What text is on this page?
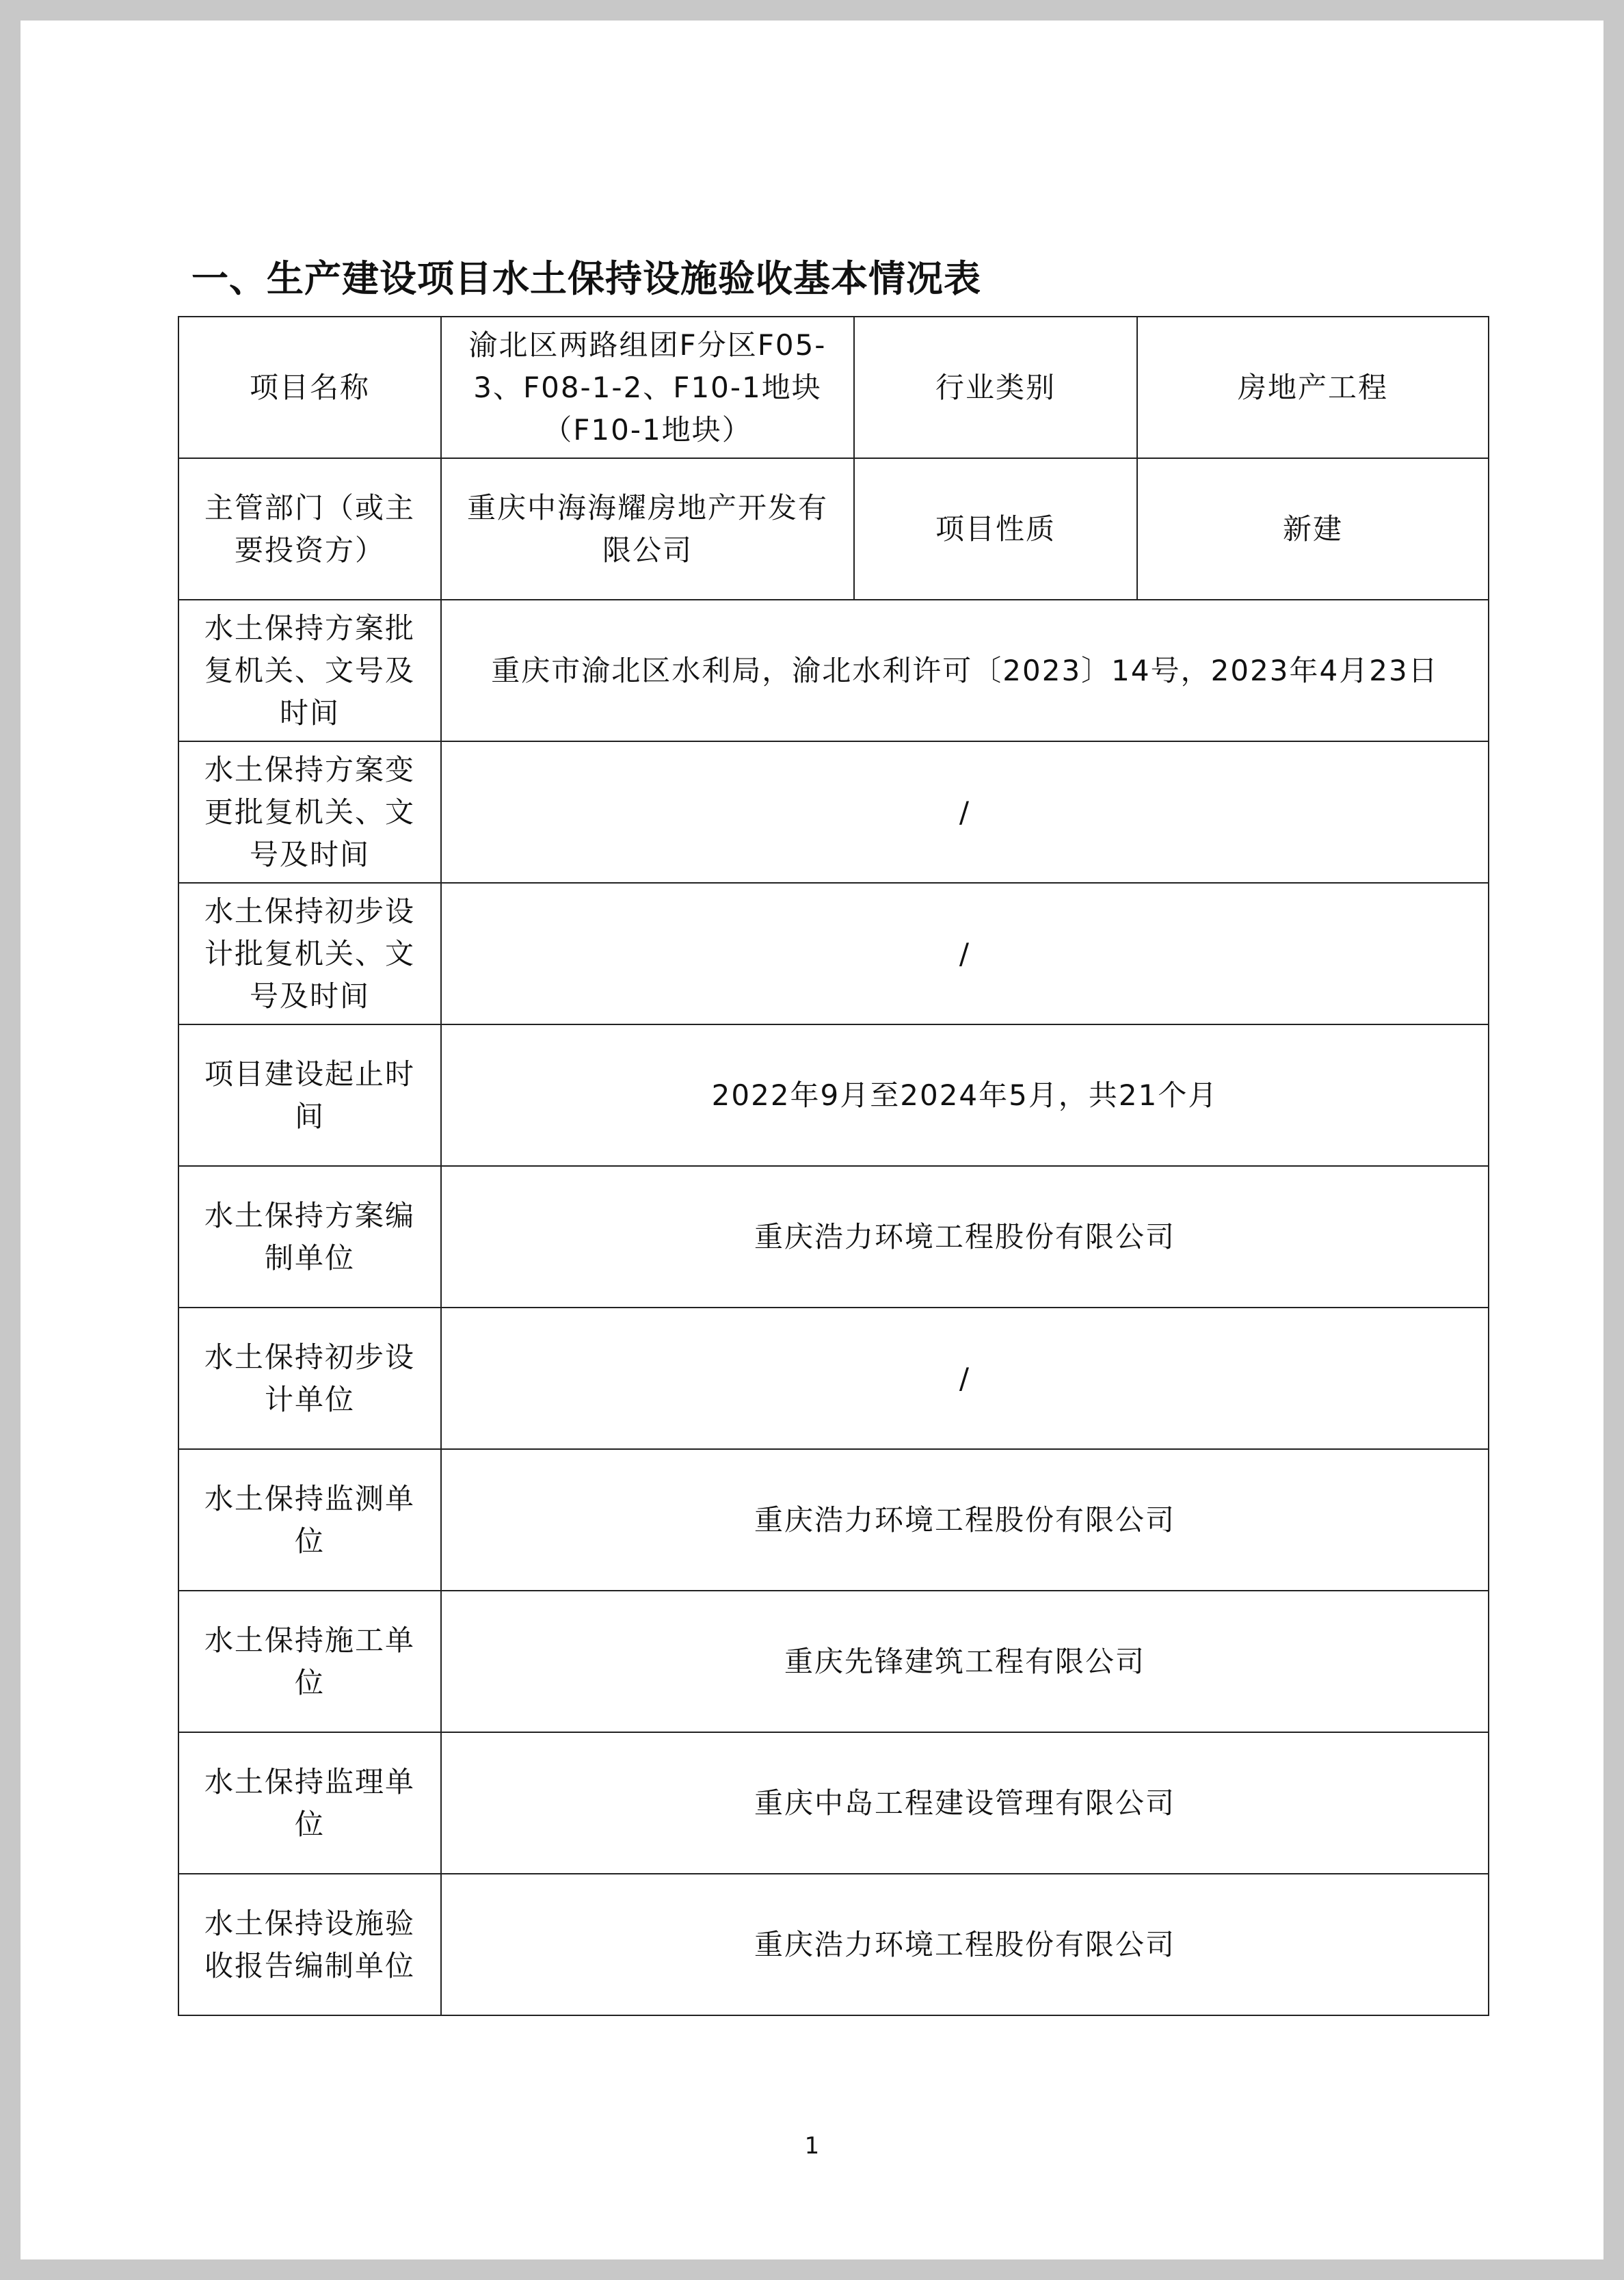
一、生产建设项目水土保持设施验收基本情况表
项目名称	渝北区两路组团F分区F05-3、F08-1-2、F10-1地块（F10-1地块）	行业类别	房地产工程
主管部门（或主要投资方）	重庆中海海耀房地产开发有限公司	项目性质	新建
水土保持方案批复机关、文号及时间	重庆市渝北区水利局，渝北水利许可〔2023〕14号，2023年4月23日		
水土保持方案变更批复机关、文号及时间	/		
水土保持初步设计批复机关、文号及时间	/		
项目建设起止时间	2022年9月至2024年5月，共21个月		
水土保持方案编制单位	重庆浩力环境工程股份有限公司		
水土保持初步设计单位	/		
水土保持监测单位	重庆浩力环境工程股份有限公司		
水土保持施工单位	重庆先锋建筑工程有限公司		
水土保持监理单位	重庆中岛工程建设管理有限公司		
水土保持设施验收报告编制单位	重庆浩力环境工程股份有限公司		
1
